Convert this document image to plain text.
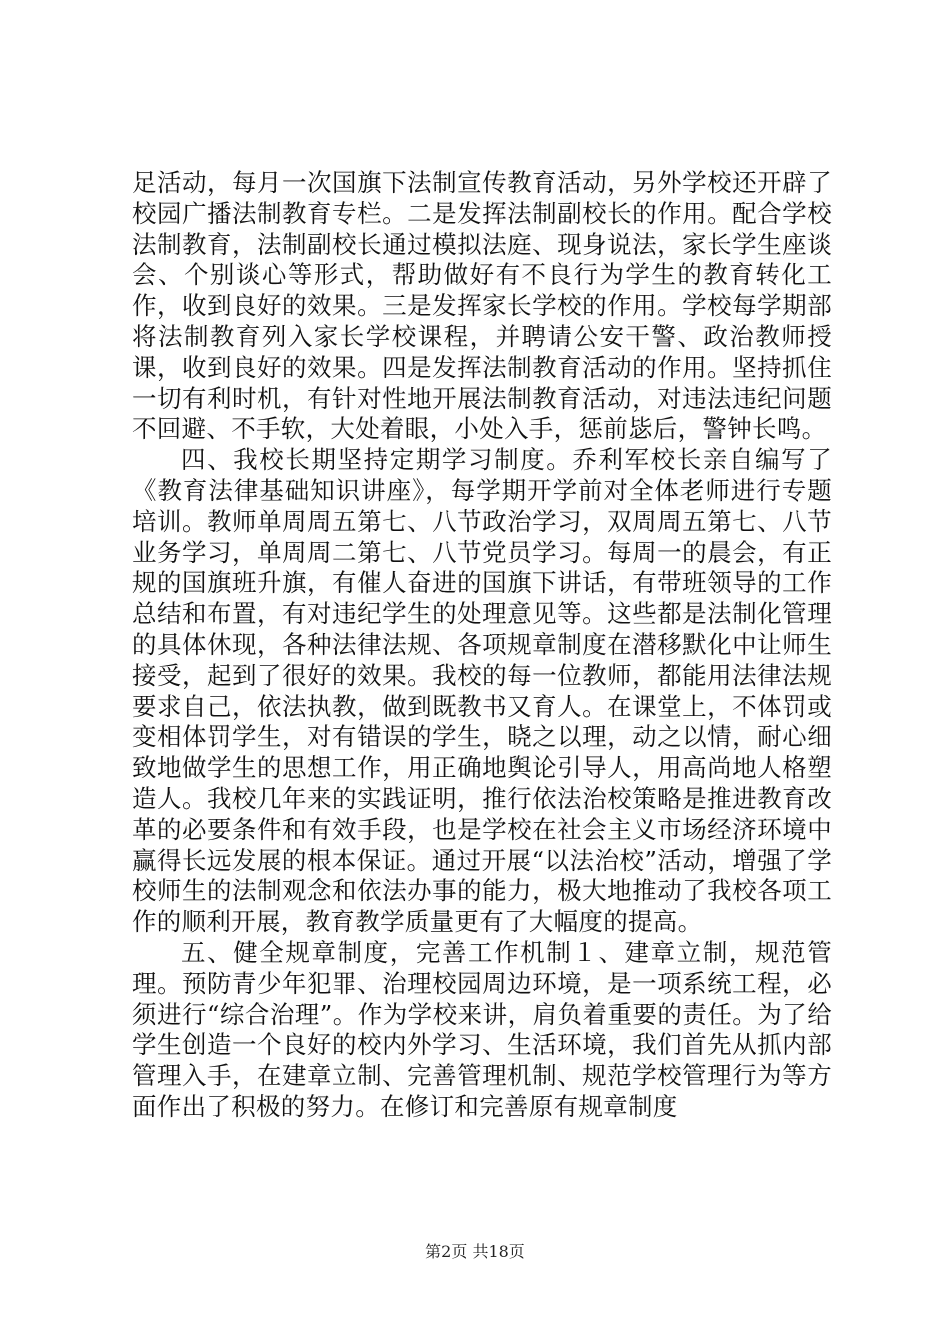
足活动，每月一次国旗下法制宣传教育活动，另外学校还开辟了校园广播法制教育专栏。二是发挥法制副校长的作用。配合学校法制教育，法制副校长通过模拟法庭、现身说法，家长学生座谈会、个别谈心等形式，帮助做好有不良行为学生的教育转化工作，收到良好的效果。三是发挥家长学校的作用。学校每学期部将法制教育列入家长学校课程，并聘请公安干警、政治教师授课，收到良好的效果。四是发挥法制教育活动的作用。坚持抓住一切有利时机，有针对性地开展法制教育活动，对违法违纪问题不回避、不手软，大处着眼，小处入手，惩前毖后，警钟长鸣。

四、我校长期坚持定期学习制度。乔利军校长亲自编写了《教育法律基础知识讲座》，每学期开学前对全体老师进行专题培训。教师单周周五第七、八节政治学习，双周周五第七、八节业务学习，单周周二第七、八节党员学习。每周一的晨会，有正规的国旗班升旗，有催人奋进的国旗下讲话，有带班领导的工作总结和布置，有对违纪学生的处理意见等。这些都是法制化管理的具体休现，各种法律法规、各项规章制度在潜移默化中让师生接受，起到了很好的效果。我校的每一位教师，都能用法律法规要求自己，依法执教，做到既教书又育人。在课堂上，不体罚或变相体罚学生，对有错误的学生，晓之以理，动之以情，耐心细致地做学生的思想工作，用正确地舆论引导人，用高尚地人格塑造人。我校几年来的实践证明，推行依法治校策略是推进教育改革的必要条件和有效手段，也是学校在社会主义市场经济环境中赢得长远发展的根本保证。通过开展“以法治校”活动，增强了学校师生的法制观念和依法办事的能力，极大地推动了我校各项工作的顺利开展，教育教学质量更有了大幅度的提高。

五、健全规章制度，完善工作机制１、建章立制，规范管理。预防青少年犯罪、治理校园周边环境，是一项系统工程，必须进行“综合治理”。作为学校来讲，肩负着重要的责任。为了给学生创造一个良好的校内外学习、生活环境，我们首先从抓内部管理入手，在建章立制、完善管理机制、规范学校管理行为等方面作出了积极的努力。在修订和完善原有规章制度

第2页 共18页
